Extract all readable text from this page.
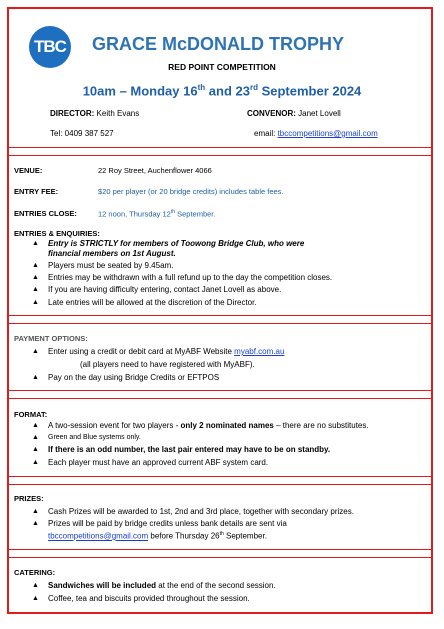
TBC GRACE McDONALD TROPHY
RED POINT COMPETITION
10am – Monday 16th and 23rd September 2024
DIRECTOR: Keith Evans	CONVENOR: Janet Lovell
Tel: 0409 387 527	email: tbccompetitions@gmail.com
VENUE:	22 Roy Street, Auchenflower 4066
ENTRY FEE:	$20 per player (or 20 bridge credits) includes table fees.
ENTRIES CLOSE:	12 noon, Thursday 12th September.
ENTRIES & ENQUIRIES:
▲ Entry is STRICTLY for members of Toowong Bridge Club, who were
financial members on 1st August.
▲ Players must be seated by 9.45am.
▲ Entries may be withdrawn with a full refund up to the day the competition closes.
▲ If you are having difficulty entering, contact Janet Lovell as above.
▲ Late entries will be allowed at the discretion of the Director.
PAYMENT OPTIONS:
▲ Enter using a credit or debit card at MyABF Website myabf.com.au
(all players need to have registered with MyABF).
▲ Pay on the day using Bridge Credits or EFTPOS
FORMAT:
▲ A two-session event for two players - only 2 nominated names – there are no substitutes.
▲ Green and Blue systems only.
▲ If there is an odd number, the last pair entered may have to be on standby.
▲ Each player must have an approved current ABF system card.
PRIZES:
▲ Cash Prizes will be awarded to 1st, 2nd and 3rd place, together with secondary prizes.
▲ Prizes will be paid by bridge credits unless bank details are sent via
tbccompetitions@gmail.com before Thursday 26th September.
CATERING:
▲ Sandwiches will be included at the end of the second session.
▲ Coffee, tea and biscuits provided throughout the session.
